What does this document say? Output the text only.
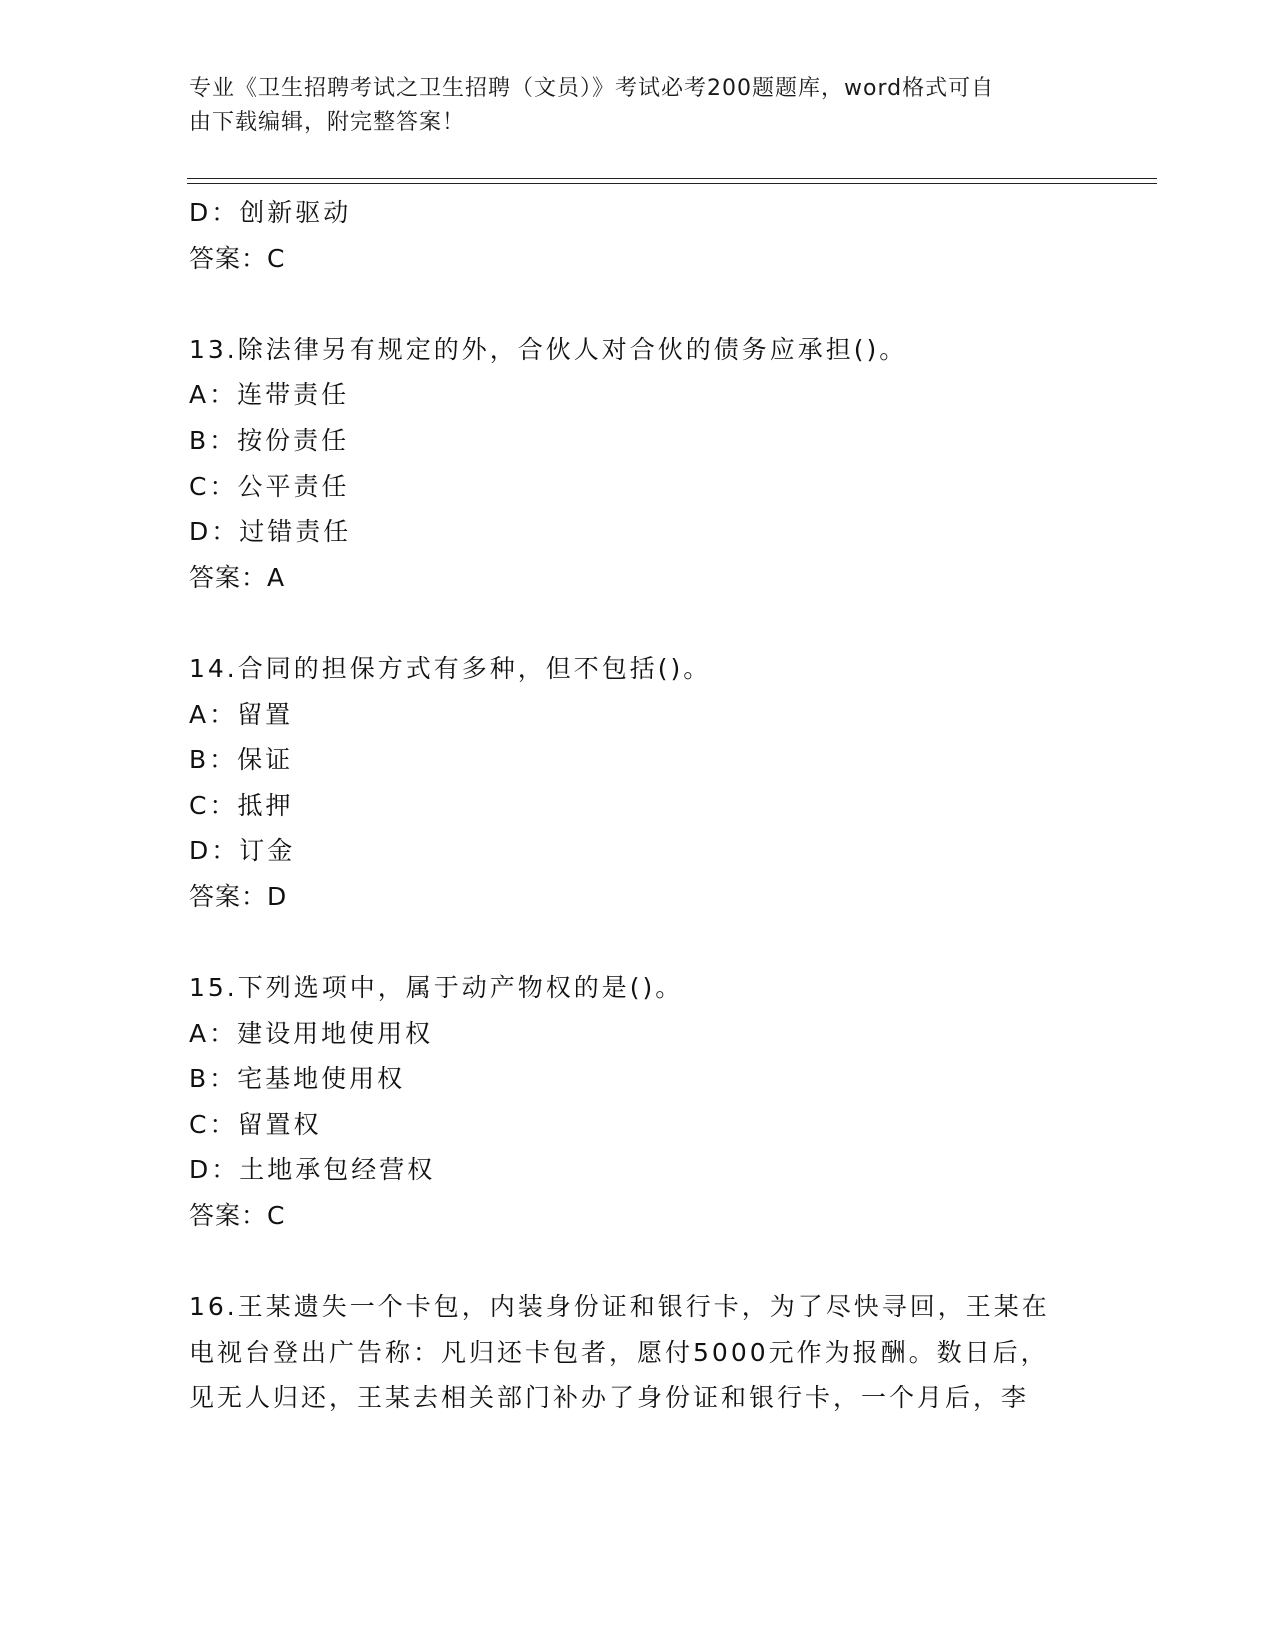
专业《卫生招聘考试之卫生招聘（文员）》考试必考200题题库，word格式可自
由下载编辑，附完整答案！
D：创新驱动
答案：C
13.除法律另有规定的外，合伙人对合伙的债务应承担()。
A：连带责任
B：按份责任
C：公平责任
D：过错责任
答案：A
14.合同的担保方式有多种，但不包括()。
A：留置
B：保证
C：抵押
D：订金
答案：D
15.下列选项中，属于动产物权的是()。
A：建设用地使用权
B：宅基地使用权
C：留置权
D：土地承包经营权
答案：C
16.王某遗失一个卡包，内装身份证和银行卡，为了尽快寻回，王某在
电视台登出广告称：凡归还卡包者，愿付5000元作为报酬。数日后，
见无人归还，王某去相关部门补办了身份证和银行卡，一个月后，李
